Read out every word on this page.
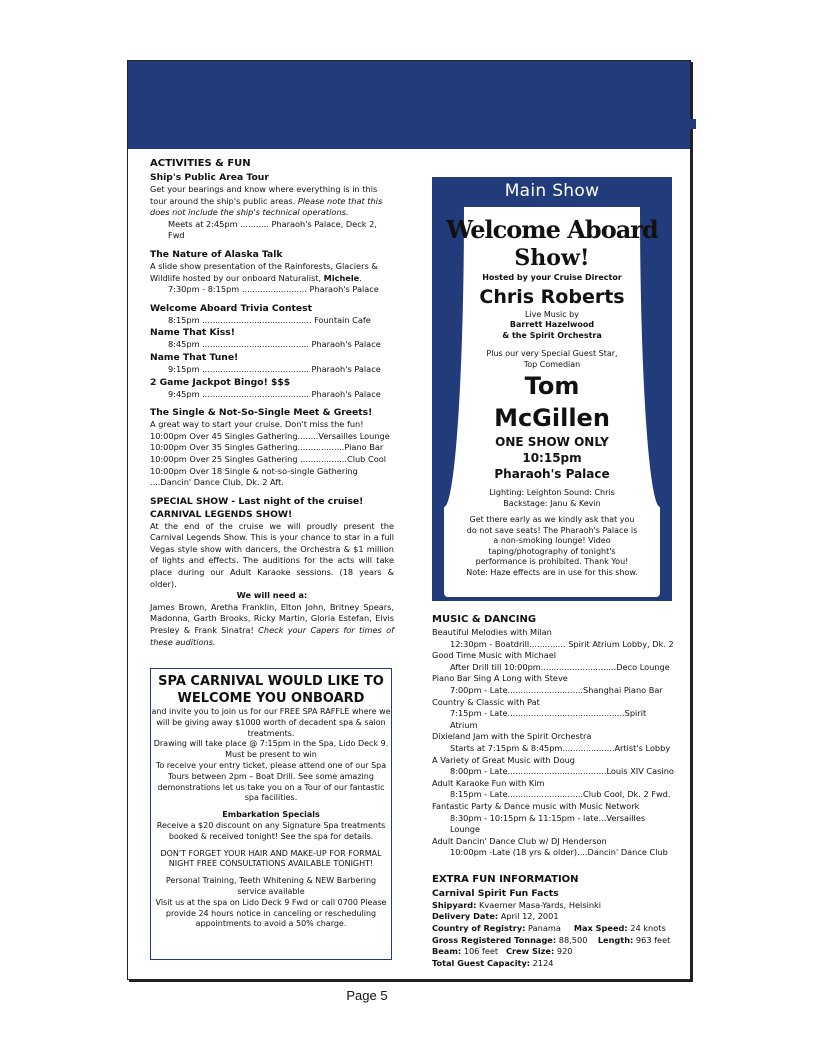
ACTIVITIES & FUN

Ship's Public Area Tour

Get your bearings and know where everything is in this tour around the ship's public areas. Please note that this does not include the ship's technical operations.

Meets at 2:45pm ........... Pharaoh's Palace, Deck 2, Fwd

The Nature of Alaska Talk

A slide show presentation of the Rainforests, Glaciers & Wildlife hosted by our onboard Naturalist, Michele.

7:30pm - 8:15pm ......................... Pharaoh's Palace

Welcome Aboard Trivia Contest

8:15pm .......................................... Fountain Cafe

Name That Kiss!

8:45pm ......................................... Pharaoh's Palace

Name That Tune!

9:15pm ......................................... Pharaoh's Palace

2 Game Jackpot Bingo! $$$

9:45pm ......................................... Pharaoh's Palace

The Single & Not-So-Single Meet & Greets!

A great way to start your cruise. Don't miss the fun!

10:00pm Over 45 Singles Gathering........Versailles Lounge

10:00pm Over 35 Singles Gathering..................Piano Bar

10:00pm Over 25 Singles Gathering ..................Club Cool

10:00pm Over 18 Single & not-so-single Gathering

....Dancin' Dance Club, Dk. 2 Aft.

SPECIAL SHOW - Last night of the cruise!

CARNIVAL LEGENDS SHOW!

At the end of the cruise we will proudly present the Carnival Legends Show. This is your chance to star in a full Vegas style show with dancers, the Orchestra & $1 million of lights and effects. The auditions for the acts will take place during our Adult Karaoke sessions. (18 years & older).

We will need a:

James Brown, Aretha Franklin, Elton John, Britney Spears, Madonna, Garth Brooks, Ricky Martin, Gloria Estefan, Elvis Presley & Frank Sinatra! Check your Capers for times of these auditions.

SPA CARNIVAL WOULD LIKE TO
WELCOME YOU ONBOARD

and invite you to join us for our FREE SPA RAFFLE where we will be giving away $1000 worth of decadent spa & salon treatments.

Drawing will take place @ 7:15pm in the Spa, Lido Deck 9. Must be present to win

To receive your entry ticket, please attend one of our Spa Tours between 2pm – Boat Drill. See some amazing demonstrations let us take you on a Tour of our fantastic spa facilities.

Embarkation Specials

Receive a $20 discount on any Signature Spa treatments booked & received tonight! See the spa for details.

DON'T FORGET YOUR HAIR AND MAKE-UP FOR FORMAL NIGHT FREE CONSULTATIONS AVAILABLE TONIGHT!

Personal Training, Teeth Whitening & NEW Barbering service available

Visit us at the spa on Lido Deck 9 Fwd or call 0700 Please provide 24 hours notice in canceling or rescheduling appointments to avoid a 50% charge.

Main Show
Welcome Aboard
Show!
Hosted by your Cruise Director
Chris Roberts
Live Music by
Barrett Hazelwood
& the Spirit Orchestra
Plus our very Special Guest Star,
Top Comedian
Tom
McGillen
ONE SHOW ONLY
10:15pm
Pharaoh's Palace
Lighting: Leighton Sound: Chris
Backstage: Janu & Kevin
Get there early as we kindly ask that you do not save seats! The Pharaoh's Palace is a non-smoking lounge! Video taping/photography of tonight's performance is prohibited. Thank You!
Note: Haze effects are in use for this show.
MUSIC & DANCING

Beautiful Melodies with Milan

12:30pm - Boatdrill.............. Spirit Atrium Lobby, Dk. 2

Good Time Music with Michael

After Drill till 10:00pm.............................Deco Lounge

Piano Bar Sing A Long with Steve

7:00pm - Late.............................Shanghai Piano Bar

Country & Classic with Pat

7:15pm - Late.............................................Spirit Atrium

Dixieland Jam with the Spirit Orchestra

Starts at 7:15pm & 8:45pm....................Artist's Lobby

A Variety of Great Music with Doug

8:00pm - Late......................................Louis XIV Casino

Adult Karaoke Fun with Kim

8:15pm - Late.............................Club Cool, Dk. 2 Fwd.

Fantastic Party & Dance music with Music Network

8:30pm - 10:15pm & 11:15pm - late...Versailles Lounge

Adult Dancin' Dance Club w/ DJ Henderson

10:00pm -Late (18 yrs & older)....Dancin' Dance Club

EXTRA FUN INFORMATION

Carnival Spirit Fun Facts

Shipyard: Kvaerner Masa-Yards, Helsinki

Delivery Date: April 12, 2001

Country of Registry: Panama Max Speed: 24 knots

Gross Registered Tonnage: 88,500 Length: 963 feet

Beam: 106 feet Crew Size: 920

Total Guest Capacity: 2124

Page 5
